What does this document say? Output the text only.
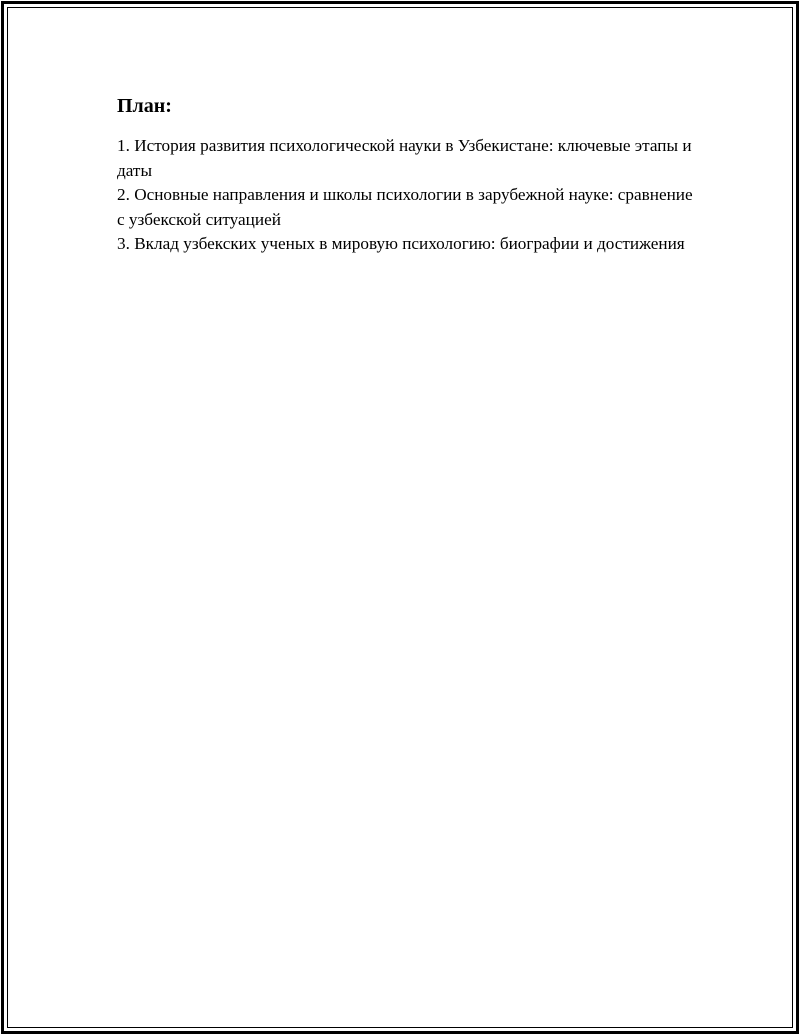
План:
1. История развития психологической науки в Узбекистане: ключевые этапы и даты
2. Основные направления и школы психологии в зарубежной науке: сравнение с узбекской ситуацией
3. Вклад узбекских ученых в мировую психологию: биографии и достижения
